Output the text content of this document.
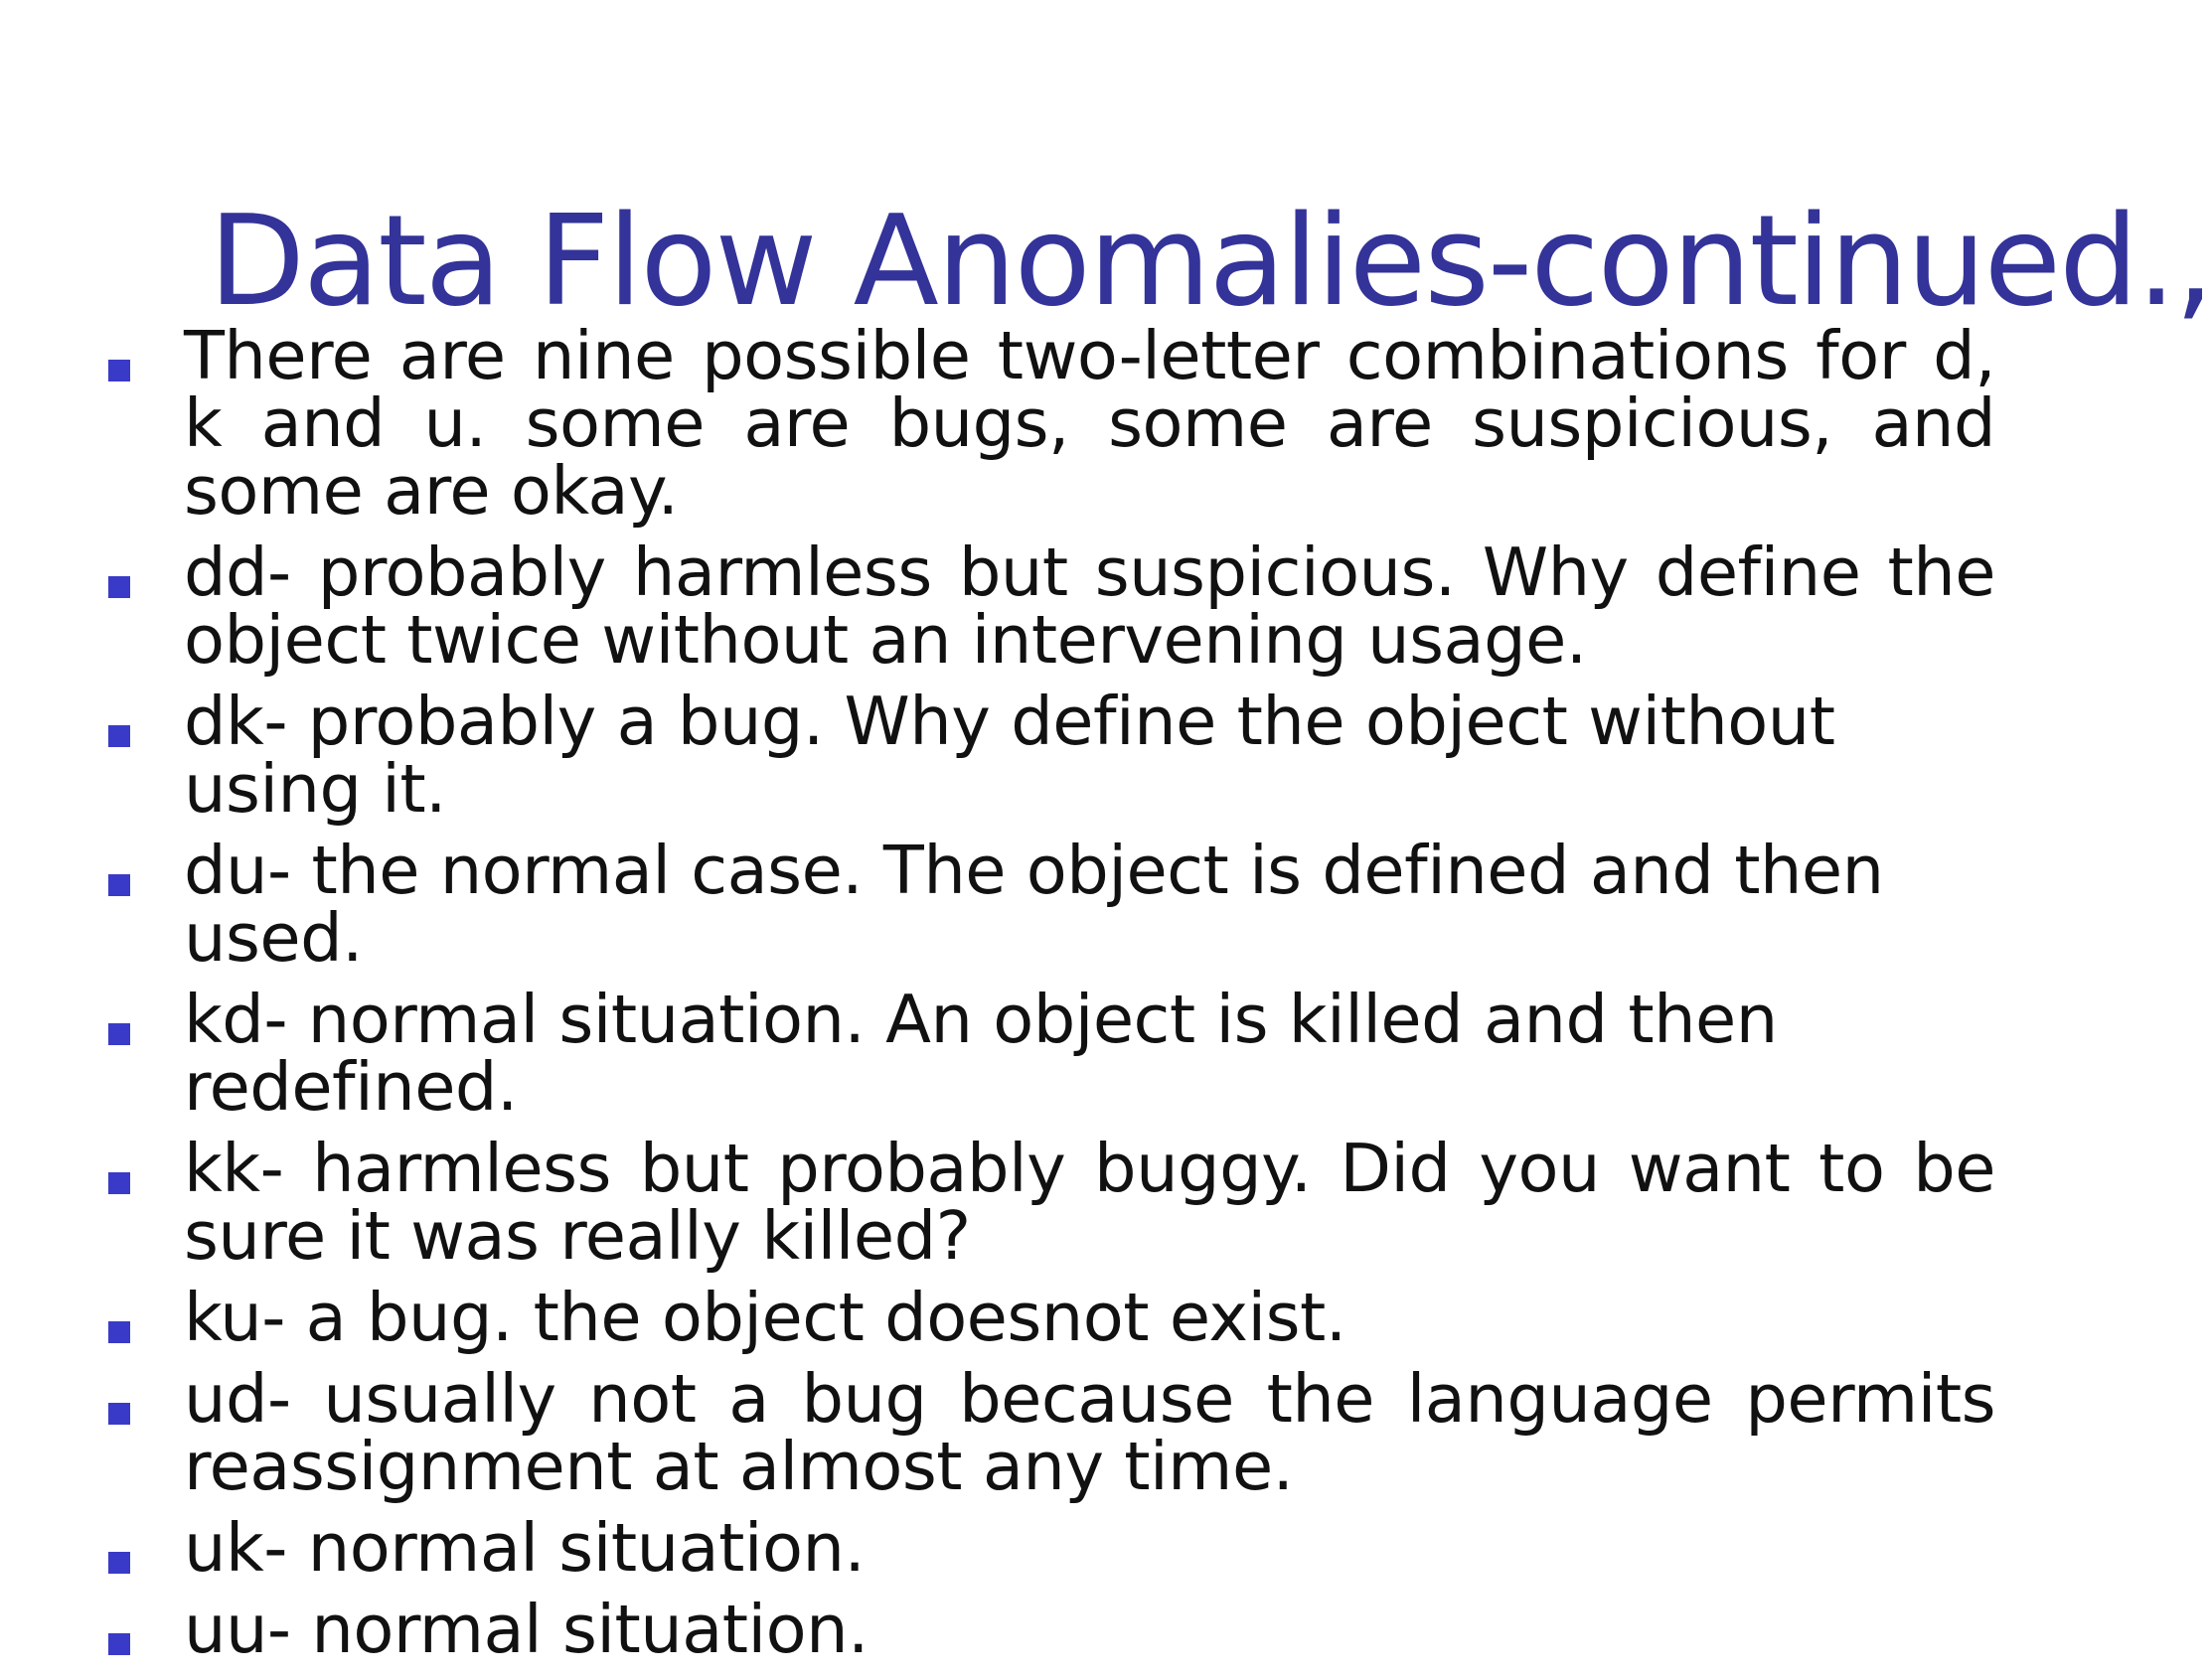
Data Flow Anomalies-continued.,
There are nine possible two-letter combinations for d, k and u. some are bugs, some are suspicious, and some are okay.
dd- probably harmless but suspicious. Why define the object twice without an intervening usage.
dk- probably a bug. Why define the object without using it.
du- the normal case. The object is defined and then used.
kd- normal situation. An object is killed and then redefined.
kk- harmless but probably buggy. Did you want to be sure it was really killed?
ku- a bug. the object doesnot exist.
ud- usually not a bug because the language permits reassignment at almost any time.
uk- normal situation.
uu- normal situation.
